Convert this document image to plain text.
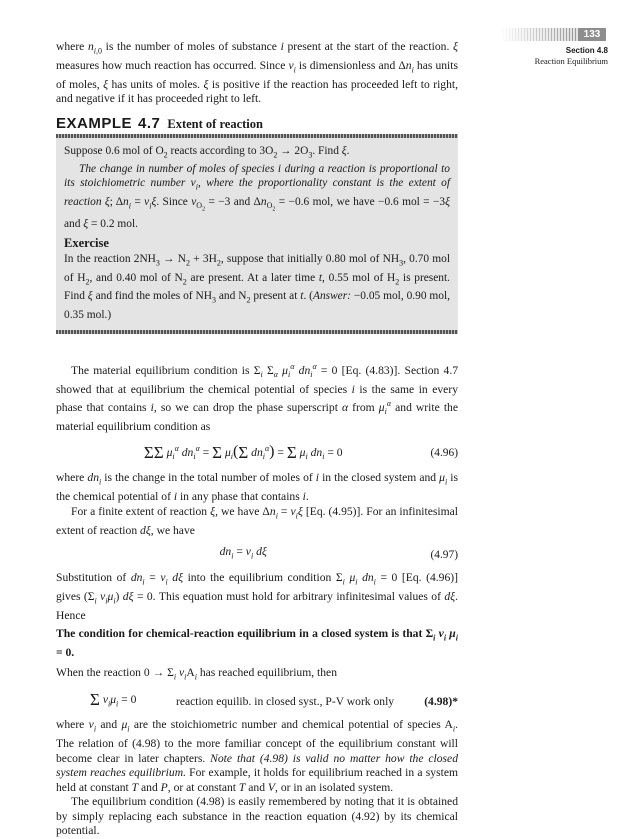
133
Section 4.8
Reaction Equilibrium

where $n_{i,0}$ is the number of moles of substance i present at the start of the reaction. ξ measures how much reaction has occurred. Since $\nu_i$ is dimensionless and $\Delta n_i$ has units of moles, ξ has units of moles. ξ is positive if the reaction has proceeded left to right, and negative if it has proceeded right to left.

EXAMPLE 4.7 Extent of reaction

Suppose 0.6 mol of $O_2$ reacts according to $3O_2 \to 2O_3$. Find ξ.

The change in number of moles of species i during a reaction is proportional to its stoichiometric number $\nu_i$, where the proportionality constant is the extent of reaction ξ; $\Delta n_i = \nu_i\xi$. Since $\nu_{O_2} = -3$ and $\Delta n_{O_2} = -0.6$ mol, we have −0.6 mol = −3ξ and ξ = 0.2 mol.

Exercise

In the reaction $2NH_3 \to N_2 + 3H_2$, suppose that initially 0.80 mol of $NH_3$, 0.70 mol of $H_2$, and 0.40 mol of $N_2$ are present. At a later time t, 0.55 mol of $H_2$ is present. Find ξ and find the moles of $NH_3$ and $N_2$ present at t. (Answer: −0.05 mol, 0.90 mol, 0.35 mol.)

The material equilibrium condition is $\Sigma_i$ $\Sigma_\alpha$ $\mu_i^\alpha$ $dn_i^\alpha = 0$ [Eq. (4.83)]. Section 4.7 showed that at equilibrium the chemical potential of species i is the same in every phase that contains i, so we can drop the phase superscript α from $\mu_i^\alpha$ and write the material equilibrium condition as

ΣΣ $\mu_i^\alpha$ $dn_i^\alpha = \Sigma$ $\mu_i(\Sigma$ $dn_i^\alpha) = \Sigma$ $\mu_i$ $dn_i = 0$	(4.96)

where $dn_i$ is the change in the total number of moles of i in the closed system and $\mu_i$ is the chemical potential of i in any phase that contains i.

For a finite extent of reaction ξ, we have $\Delta n_i = \nu_i\xi$ [Eq. (4.95)]. For an infinitesimal extent of reaction dξ, we have

$dn_i = \nu_i$ dξ	(4.97)

Substitution of $dn_i = \nu_i$ dξ into the equilibrium condition $\Sigma_i$ $\mu_i$ $dn_i = 0$ [Eq. (4.96)] gives ($\Sigma_i$ $\nu_i\mu_i$) dξ = 0. This equation must hold for arbitrary infinitesimal values of dξ. Hence

The condition for chemical-reaction equilibrium in a closed system is that $\Sigma_i$ $\nu_i$ $\mu_i = 0$.

When the reaction $0 \to \Sigma_i$ $\nu_iA_i$ has reached equilibrium, then

Σ $\nu_i\mu_i = 0$	reaction equilib. in closed syst., P-V work only	(4.98)*

where $\nu_i$ and $\mu_i$ are the stoichiometric number and chemical potential of species $A_i$. The relation of (4.98) to the more familiar concept of the equilibrium constant will become clear in later chapters. Note that (4.98) is valid no matter how the closed system reaches equilibrium. For example, it holds for equilibrium reached in a system held at constant T and P, or at constant T and V, or in an isolated system.

The equilibrium condition (4.98) is easily remembered by noting that it is obtained by simply replacing each substance in the reaction equation (4.92) by its chemical potential.
